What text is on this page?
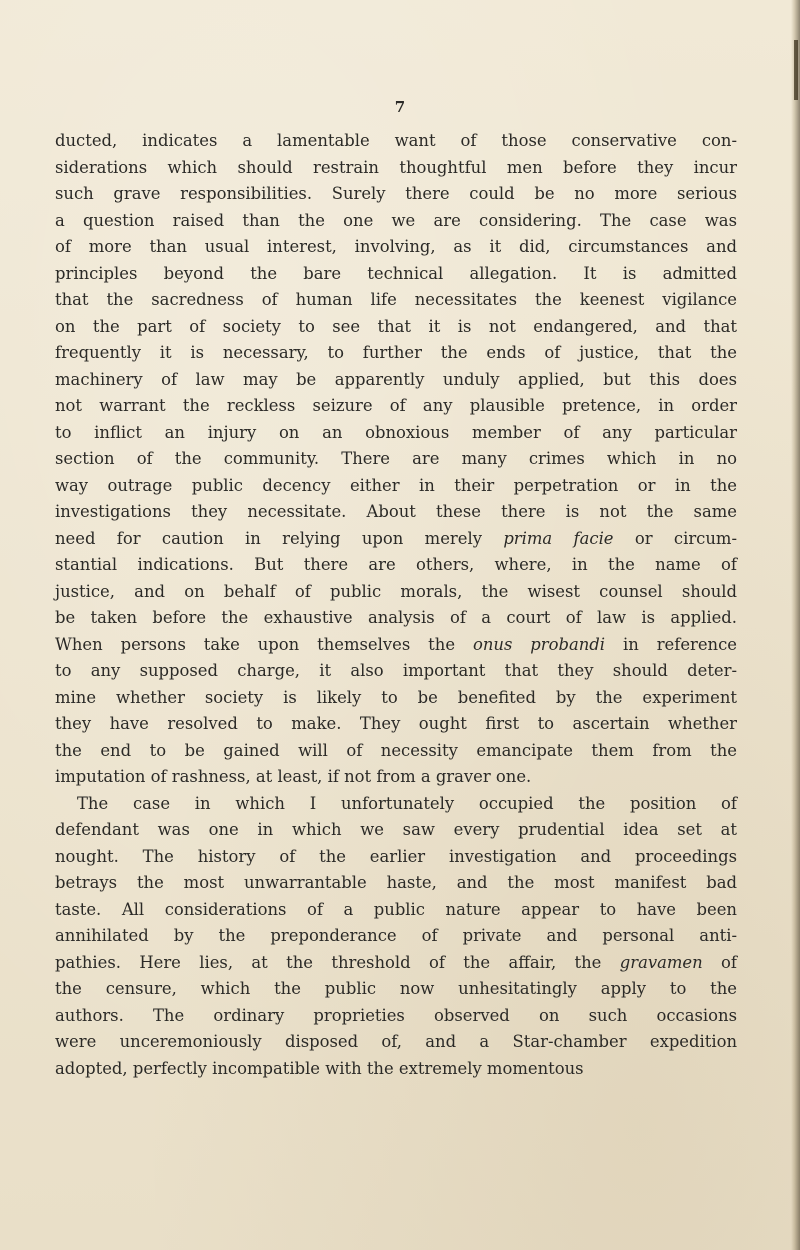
7
ducted, indicates a lamentable want of those conservative con-
siderations which should restrain thoughtful men before they incur
such grave responsibilities. Surely there could be no more serious
a question raised than the one we are considering. The case was
of more than usual interest, involving, as it did, circumstances and
principles beyond the bare technical allegation. It is admitted
that the sacredness of human life necessitates the keenest vigilance
on the part of society to see that it is not endangered, and that
frequently it is necessary, to further the ends of justice, that the
machinery of law may be apparently unduly applied, but this does
not warrant the reckless seizure of any plausible pretence, in order
to inflict an injury on an obnoxious member of any particular
section of the community. There are many crimes which in no
way outrage public decency either in their perpetration or in the
investigations they necessitate. About these there is not the same
need for caution in relying upon merely prima facie or circum-
stantial indications. But there are others, where, in the name of
justice, and on behalf of public morals, the wisest counsel should
be taken before the exhaustive analysis of a court of law is applied.
When persons take upon themselves the onus probandi in reference
to any supposed charge, it also important that they should deter-
mine whether society is likely to be benefited by the experiment
they have resolved to make. They ought first to ascertain whether
the end to be gained will of necessity emancipate them from the
imputation of rashness, at least, if not from a graver one.
The case in which I unfortunately occupied the position of
defendant was one in which we saw every prudential idea set at
nought. The history of the earlier investigation and proceedings
betrays the most unwarrantable haste, and the most manifest bad
taste. All considerations of a public nature appear to have been
annihilated by the preponderance of private and personal anti-
pathies. Here lies, at the threshold of the affair, the gravamen of
the censure, which the public now unhesitatingly apply to the
authors. The ordinary proprieties observed on such occasions
were unceremoniously disposed of, and a Star-chamber expedition
adopted, perfectly incompatible with the extremely momentous
